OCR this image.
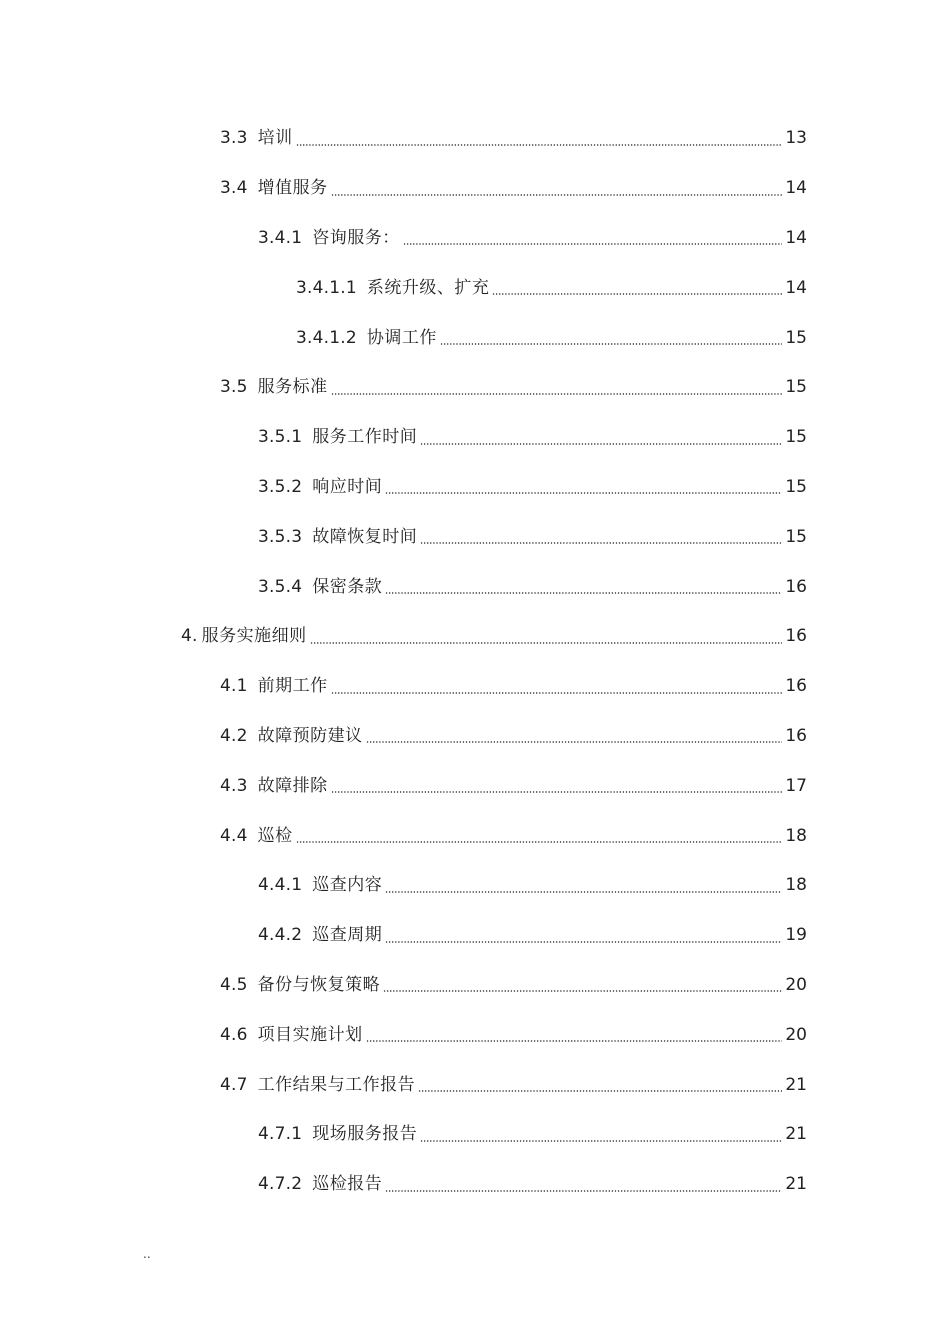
3.3 培训	13
3.4 增值服务	14
3.4.1 咨询服务：	14
3.4.1.1 系统升级、扩充	14
3.4.1.2 协调工作	15
3.5 服务标准	15
3.5.1 服务工作时间	15
3.5.2 响应时间	15
3.5.3 故障恢复时间	15
3.5.4 保密条款	16
4. 服务实施细则	16
4.1 前期工作	16
4.2 故障预防建议	16
4.3 故障排除	17
4.4 巡检	18
4.4.1 巡查内容	18
4.4.2 巡查周期	19
4.5 备份与恢复策略	20
4.6 项目实施计划	20
4.7 工作结果与工作报告	21
4.7.1 现场服务报告	21
4.7.2 巡检报告	21
..
